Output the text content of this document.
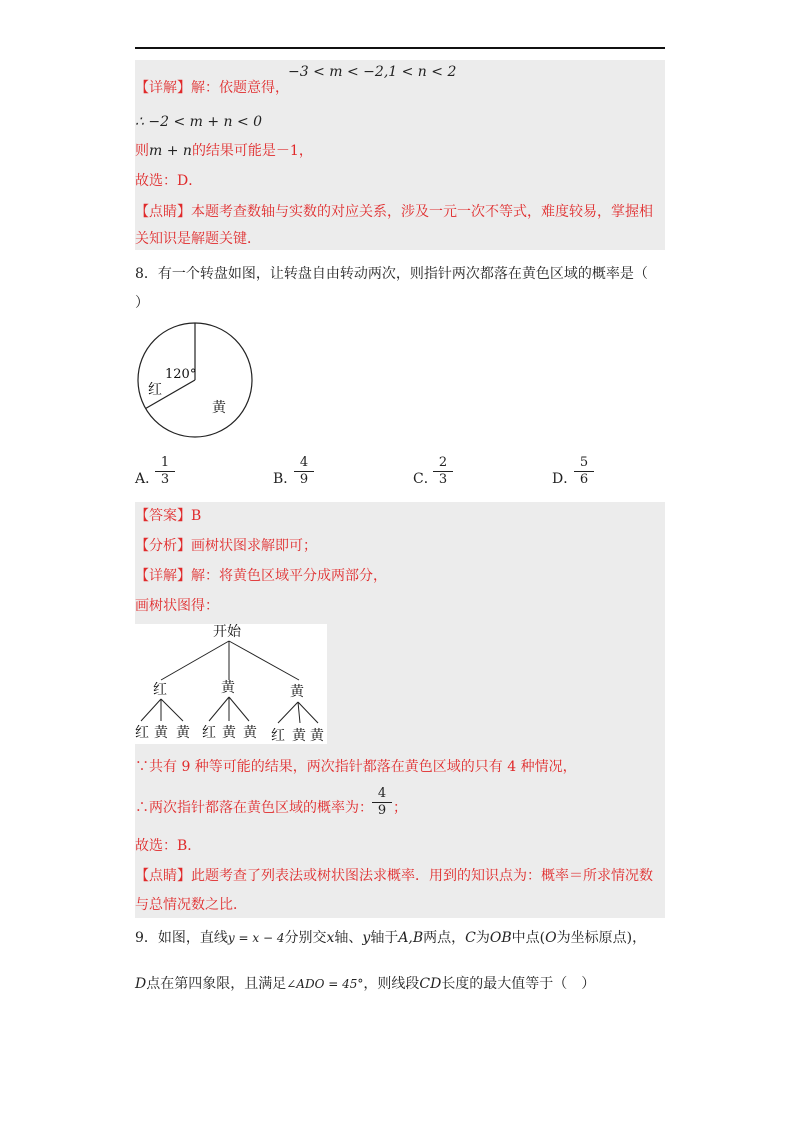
−3 < m < −2,1 < n < 2
【详解】解：依题意得，
∴ −2 < m + n < 0
则m + n的结果可能是－1，
故选：D．
【点睛】本题考查数轴与实数的对应关系，涉及一元一次不等式，难度较易，掌握相
关知识是解题关键．
8．有一个转盘如图，让转盘自由转动两次，则指针两次都落在黄色区域的概率是（
）
120°
红
黄
A．
$\frac{1}{3}$	B．
$\frac{4}{9}$	C．
$\frac{2}{3}$	D．
$\frac{5}{6}$
【答案】B
【分析】画树状图求解即可；
【详解】解：将黄色区域平分成两部分，
画树状图得：
开始
红	黄	黄
红 黄 黄 红 黄 黄 红 黄 黄
∵共有 9 种等可能的结果，两次指针都落在黄色区域的只有 4 种情况，
∴两次指针都落在黄色区域的概率为： $\frac{4}{9}$ ；
故选：B．
【点睛】此题考查了列表法或树状图法求概率．用到的知识点为：概率＝所求情况数
与总情况数之比．
9．如图，直线y = x − 4分别交x轴、y轴于A,B两点，C为OB中点(O为坐标原点)，
D点在第四象限，且满足∠ADO = 45°，则线段CD长度的最大值等于（　）
